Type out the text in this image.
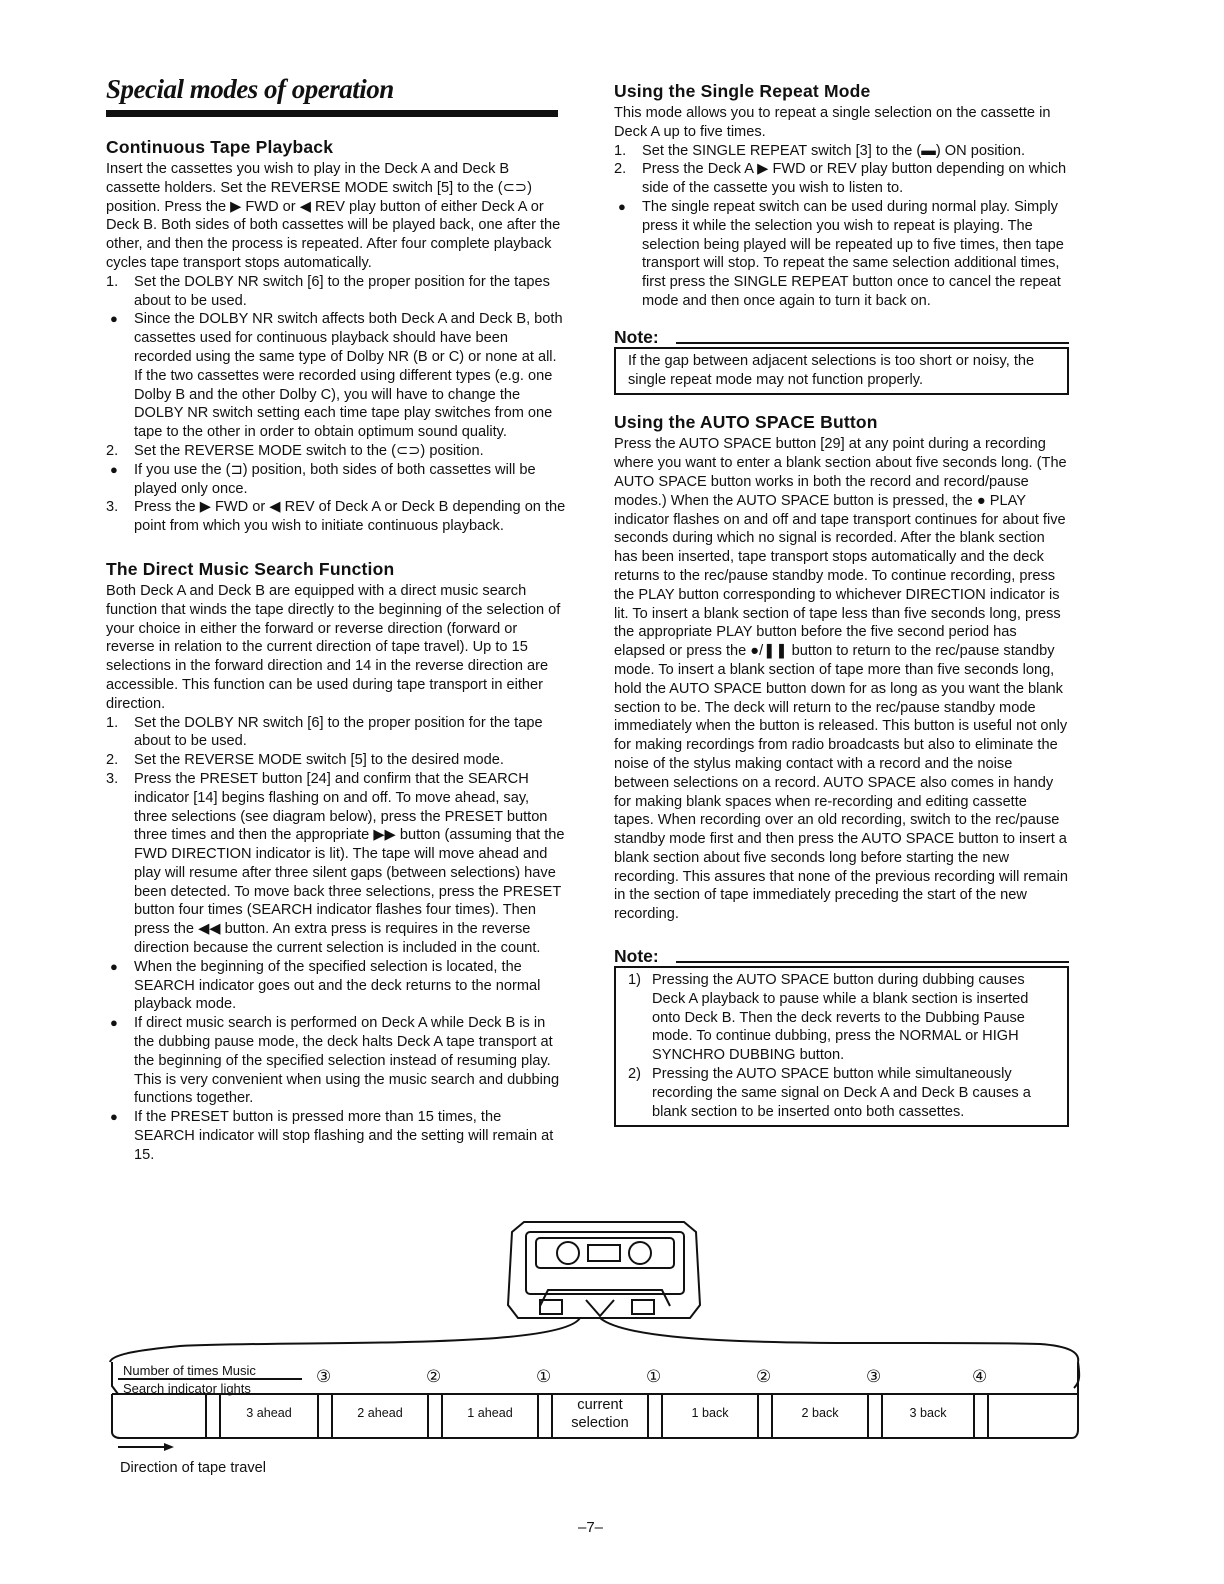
Special modes of operation
Continuous Tape Playback

Insert the cassettes you wish to play in the Deck A and Deck B cassette holders. Set the REVERSE MODE switch [5] to the (⊂⊃) position. Press the ▶ FWD or ◀ REV play button of either Deck A or Deck B. Both sides of both cassettes will be played back, one after the other, and then the process is repeated. After four complete playback cycles tape transport stops automatically.

1.	Set the DOLBY NR switch [6] to the proper position for the tapes about to be used.
●	Since the DOLBY NR switch affects both Deck A and Deck B, both cassettes used for continuous playback should have been recorded using the same type of Dolby NR (B or C) or none at all. If the two cassettes were recorded using different types (e.g. one Dolby B and the other Dolby C), you will have to change the DOLBY NR switch setting each time tape play switches from one tape to the other in order to obtain optimum sound quality.
2.	Set the REVERSE MODE switch to the (⊂⊃) position.
●	If you use the (⊐) position, both sides of both cassettes will be played only once.
3.	Press the ▶ FWD or ◀ REV of Deck A or Deck B depending on the point from which you wish to initiate continuous playback.
The Direct Music Search Function

Both Deck A and Deck B are equipped with a direct music search function that winds the tape directly to the beginning of the selection of your choice in either the forward or reverse direction (forward or reverse in relation to the current direction of tape travel). Up to 15 selections in the forward direction and 14 in the reverse direction are accessible. This function can be used during tape transport in either direction.

1.	Set the DOLBY NR switch [6] to the proper position for the tape about to be used.
2.	Set the REVERSE MODE switch [5] to the desired mode.
3.	Press the PRESET button [24] and confirm that the SEARCH indicator [14] begins flashing on and off. To move ahead, say, three selections (see diagram below), press the PRESET button three times and then the appropriate ▶▶ button (assuming that the FWD DIRECTION indicator is lit). The tape will move ahead and play will resume after three silent gaps (between selections) have been detected. To move back three selections, press the PRESET button four times (SEARCH indicator flashes four times). Then press the ◀◀ button. An extra press is requires in the reverse direction because the current selection is included in the count.
●	When the beginning of the specified selection is located, the SEARCH indicator goes out and the deck returns to the normal playback mode.
●	If direct music search is performed on Deck A while Deck B is in the dubbing pause mode, the deck halts Deck A tape transport at the beginning of the specified selection instead of resuming play. This is very convenient when using the music search and dubbing functions together.
●	If the PRESET button is pressed more than 15 times, the SEARCH indicator will stop flashing and the setting will remain at 15.
Using the Single Repeat Mode

This mode allows you to repeat a single selection on the cassette in Deck A up to five times.

1.	Set the SINGLE REPEAT switch [3] to the (▬) ON position.
2.	Press the Deck A ▶ FWD or REV play button depending on which side of the cassette you wish to listen to.
●	The single repeat switch can be used during normal play. Simply press it while the selection you wish to repeat is playing. The selection being played will be repeated up to five times, then tape transport will stop. To repeat the same selection additional times, first press the SINGLE REPEAT button once to cancel the repeat mode and then once again to turn it back on.
Note:

If the gap between adjacent selections is too short or noisy, the single repeat mode may not function properly.

Using the AUTO SPACE Button

Press the AUTO SPACE button [29] at any point during a recording where you want to enter a blank section about five seconds long. (The AUTO SPACE button works in both the record and record/pause modes.) When the AUTO SPACE button is pressed, the ● PLAY indicator flashes on and off and tape transport continues for about five seconds during which no signal is recorded. After the blank section has been inserted, tape transport stops automatically and the deck returns to the rec/pause standby mode. To continue recording, press the PLAY button corresponding to whichever DIRECTION indicator is lit. To insert a blank section of tape less than five seconds long, press the appropriate PLAY button before the five second period has elapsed or press the ●/❚❚ button to return to the rec/pause standby mode. To insert a blank section of tape more than five seconds long, hold the AUTO SPACE button down for as long as you want the blank section to be. The deck will return to the rec/pause standby mode immediately when the button is released. This button is useful not only for making recordings from radio broadcasts but also to eliminate the noise of the stylus making contact with a record and the noise between selections on a record. AUTO SPACE also comes in handy for making blank spaces when re-recording and editing cassette tapes. When recording over an old recording, switch to the rec/pause standby mode first and then press the AUTO SPACE button to insert a blank section about five seconds long before starting the new recording. This assures that none of the previous recording will remain in the section of tape immediately preceding the start of the new recording.

Note:
1) Pressing the AUTO SPACE button during dubbing causes Deck A playback to pause while a blank section is inserted onto Deck B. Then the deck reverts to the Dubbing Pause mode. To continue dubbing, press the NORMAL or HIGH SYNCHRO DUBBING button.
2) Pressing the AUTO SPACE button while simultaneously recording the same signal on Deck A and Deck B causes a blank section to be inserted onto both cassettes.
Number of times Music
Search indicator lights
③	②	①	①	②	③	④
3 ahead	2 ahead	1 ahead	current selection
1 back	2 back	3 back
Direction of tape travel
–7–
